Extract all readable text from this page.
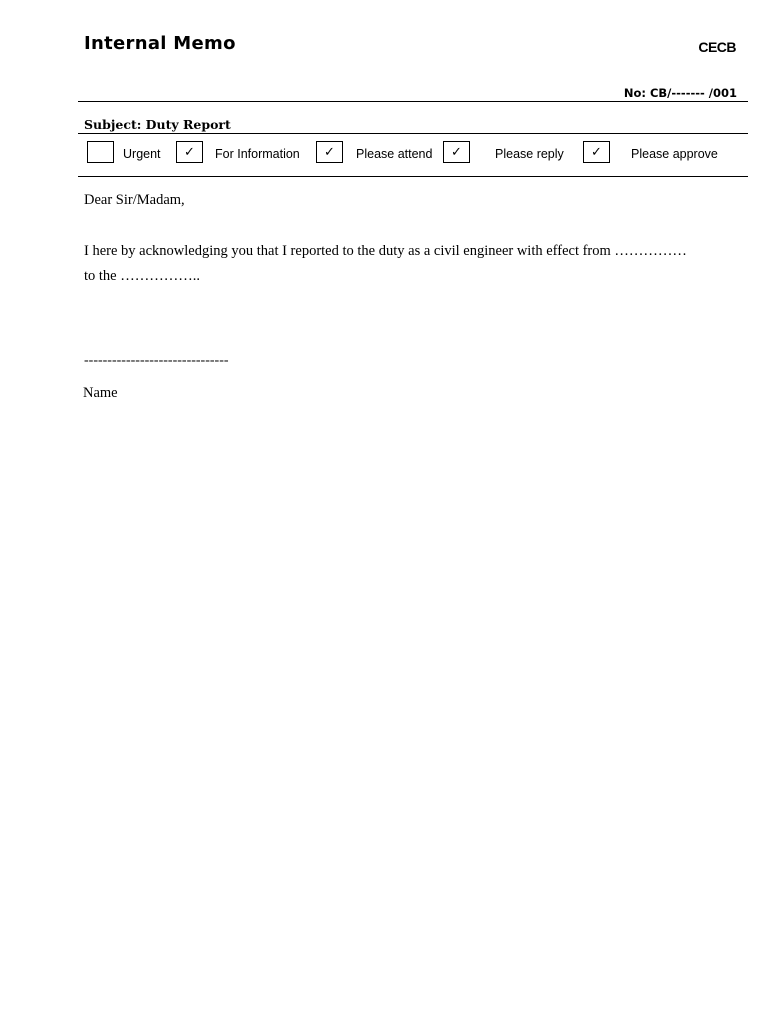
Internal Memo	CECB
No: CB/------- /001
Subject: Duty Report
Urgent ✓ For Information ✓ Please attend ✓	Please reply ✓ Please approve
Dear Sir/Madam,

I here by acknowledging you that I reported to the duty as a civil engineer with effect from ……………
to the ……………..

-------------------------------
Name
